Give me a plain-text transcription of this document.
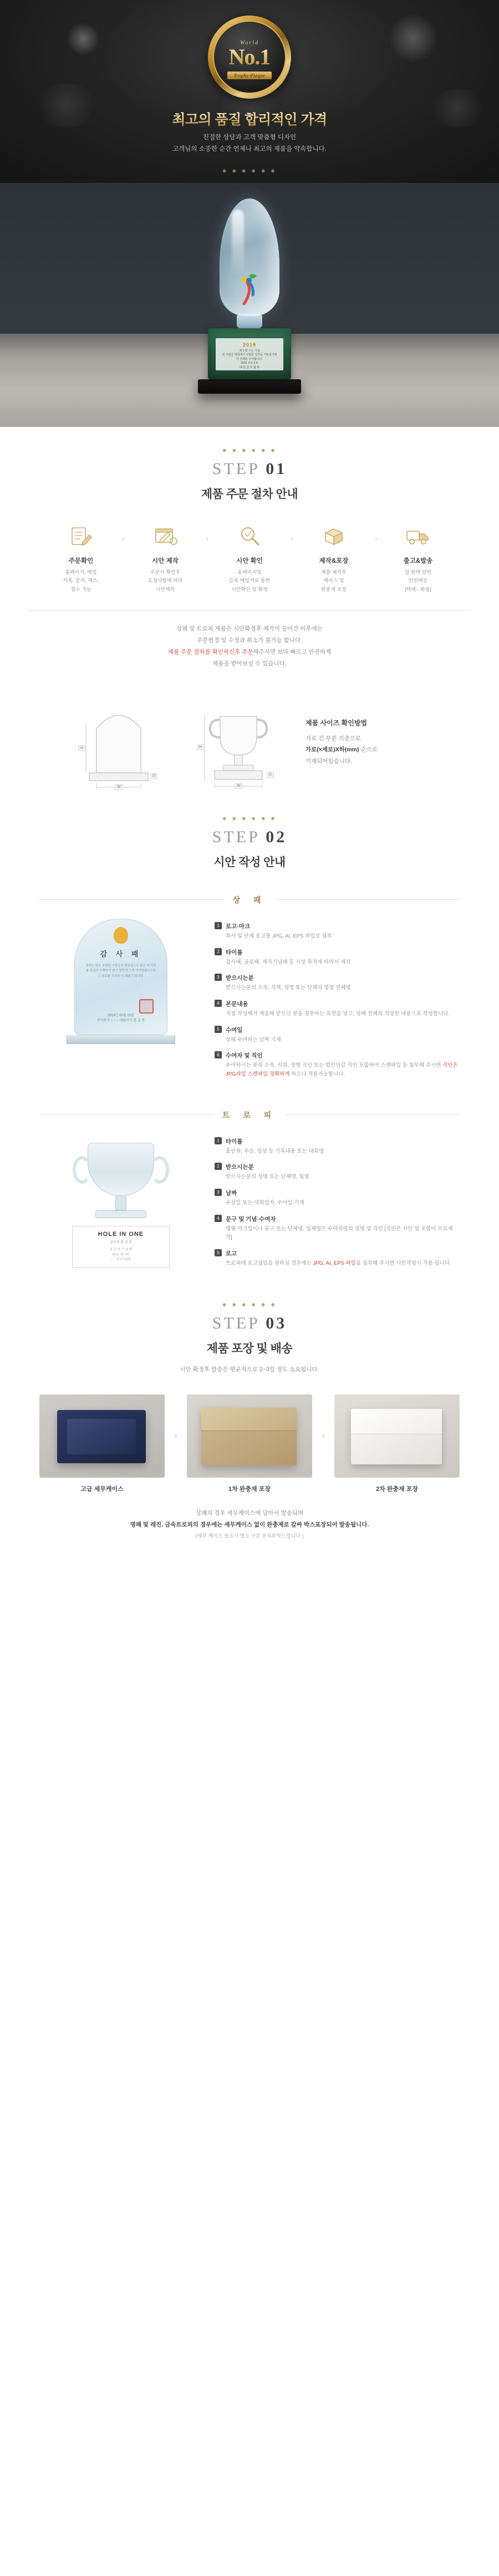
World
No.1
Trophy·Plaque
최고의 품질 합리적인 가격
친절한 상담과 고객 맞춤형 디자인
고객님의 소중한 순간 언제나 최고의 제품을 약속합니다.
● ● ● ● ● ●
2019
제 1 회 우승 기념
위 사람은 대회에서 탁월한 성적을 거두었기에
이 상패를 수여합니다.
2019. 0 0. 0 0.
대 한 골 프 협 회
● ● ● ● ● ●
STEP 01
제품 주문 절차 안내
주문확인
홈페이지, 메일
카톡, 문자, 팩스,
접수 가능
›
시안 제작
주문서 확인후
요청사항에 따라
시안제작
›
시안 확인
홈페이지및
등록 메일저로 통한
시안확인 및 확정
›
제작&포장
제품 제작후
케이스 및
완충재 포장
›
출고&발송
일 한택 앞힌
안전배송
[택배 · 화물]
상패 및 트로피 제품은 시안확정후 제작이 들어간 이후에는
주문변경 및 수정과 취소가 불가능 합니다.
제품 주문 절차를 확인하신후 주문해주시면 보다 빠르고 안전하게
제품을 받아보실 수 있습니다.
W
H
D
W
H
D
제품 사이즈 확인방법
가로 긴 부분 기준으로
가로(×세로)X하(mm) 순으로
기재되어있습니다.
● ● ● ● ● ●
STEP 02
시안 작성 안내
상 패
감 사 패
귀하는 평소 투철한 사명감과 책임감으로 맡은 바 직무를 성실히 수행하여 회사 발전에 크게 기여하였으므로 그 공로를 기리어 이 패를 드립니다.
2019년 00월 00일
주식회사 ○ ○ ○ 대표이사 홍 길 동
1	로고·마크
회사 및 단체 로고를 JPG, AI, EPS 파일로 첨부
2	타이틀
감사패, 공로패, 재직기념패 등 시상 목적에 따라서 제작
3	받으시는분
받으시는분의 소속, 직책, 성명 또는 단체의 명칭 전체명
4	본문내용
직접 작성해서 제출해 받으신 분을 칭찬하는 표현을 넣고, 상패 전체의 적당한 내용으로 작성합니다.
5	수여일
상패 수여하는 날짜 기재
6	수여자 및 직인
수여하시는 분의 소속, 직위, 성명 직인 또는 법인인감 직인 포함하여 스캔파일 등 첨부해 주시면 직인은 JPG파일 스캔파일 정확하게 하오나 적용가능합니다.
트 로 피
HOLE IN ONE
골프장 홍 길 동
홀 인 원 기 념 패
2019. 00. 00.
○ ○ 컨트리클럽
1	타이틀
홀인원, 우승, 입상 등 기록내용 또는 대회명
2	받으시는분
받으시는분의 성명 또는 단체명, 팀명
3	날짜
수상일 또는 대회일자, 수여일 기재
4	문구 및 기념·수여자
행事 마크일이나 문구 또는 단체명, 업체명은 수여자명의 성명 및 직인 [직인은 사인 및 포함이 무료제작]
5	로고
트로피에 로고삽입을 원하실 경우에는 JPG, AI, EPS 파일을 첨부해 주시면 시안작업시 적용 됩니다.
● ● ● ● ● ●
STEP 03
제품 포장 및 배송
시안 확정후 발송은 평균적으로 2~3일 정도 소요됩니다.
고급 세무케이스
›
1차 완충재 포장
›
2차 완충재 포장
상패의 경우 세무케이스에 담아서 발송되며
명패 및 레진, 금속트로피의 경우에는 세무케이스 없이 완충제로 감싸 박스포장되어 발송됩니다.
(세무 케이스 필요시 별도 구분 문의부탁드립니다.)
